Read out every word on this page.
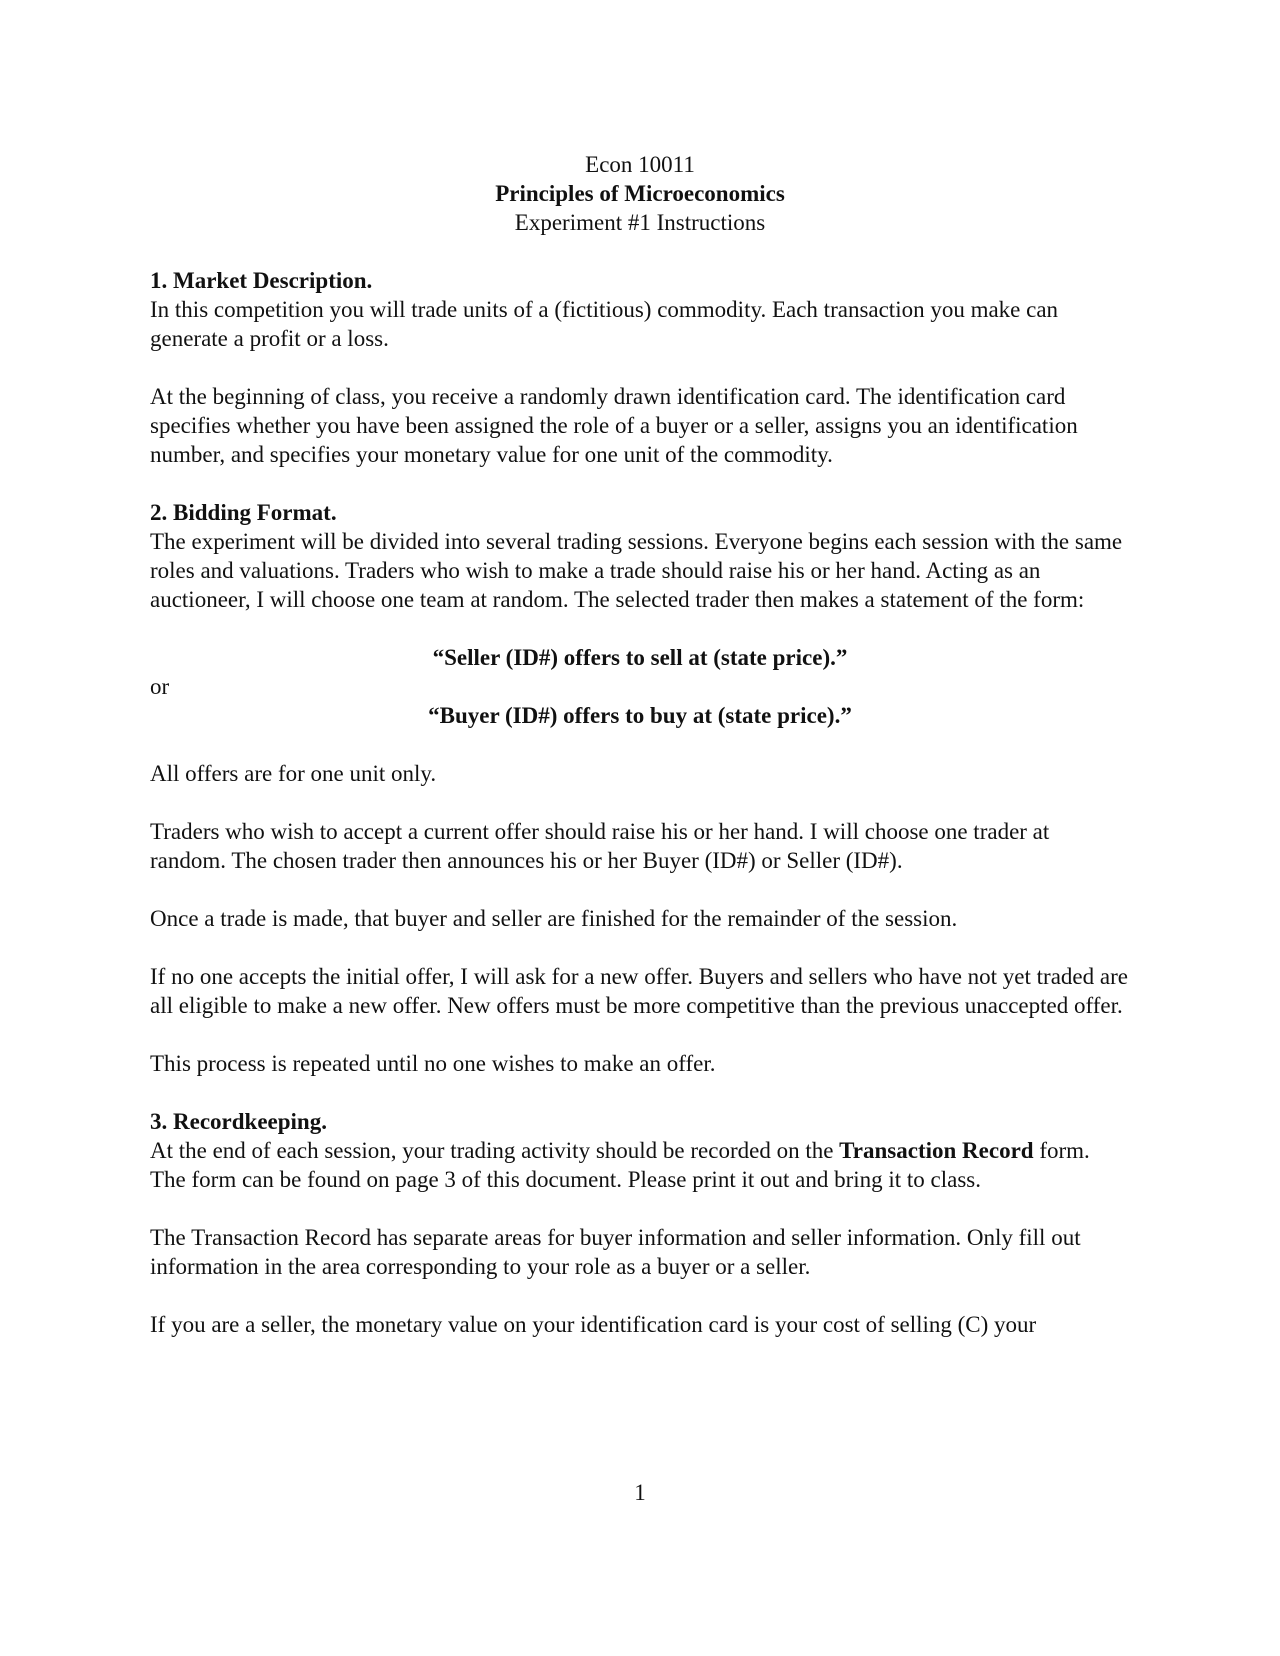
Econ 10011
Principles of Microeconomics
Experiment #1 Instructions

1. Market Description.

In this competition you will trade units of a (fictitious) commodity. Each transaction you make can generate a profit or a loss.

At the beginning of class, you receive a randomly drawn identification card. The identification card specifies whether you have been assigned the role of a buyer or a seller, assigns you an identification number, and specifies your monetary value for one unit of the commodity.

2. Bidding Format.

The experiment will be divided into several trading sessions. Everyone begins each session with the same roles and valuations. Traders who wish to make a trade should raise his or her hand. Acting as an auctioneer, I will choose one team at random. The selected trader then makes a statement of the form:

“Seller (ID#) offers to sell at (state price).”

or

“Buyer (ID#) offers to buy at (state price).”

All offers are for one unit only.

Traders who wish to accept a current offer should raise his or her hand. I will choose one trader at random. The chosen trader then announces his or her Buyer (ID#) or Seller (ID#).

Once a trade is made, that buyer and seller are finished for the remainder of the session.

If no one accepts the initial offer, I will ask for a new offer. Buyers and sellers who have not yet traded are all eligible to make a new offer. New offers must be more competitive than the previous unaccepted offer.

This process is repeated until no one wishes to make an offer.

3. Recordkeeping.

At the end of each session, your trading activity should be recorded on the Transaction Record form. The form can be found on page 3 of this document. Please print it out and bring it to class.

The Transaction Record has separate areas for buyer information and seller information. Only fill out information in the area corresponding to your role as a buyer or a seller.

If you are a seller, the monetary value on your identification card is your cost of selling (C) your

1
